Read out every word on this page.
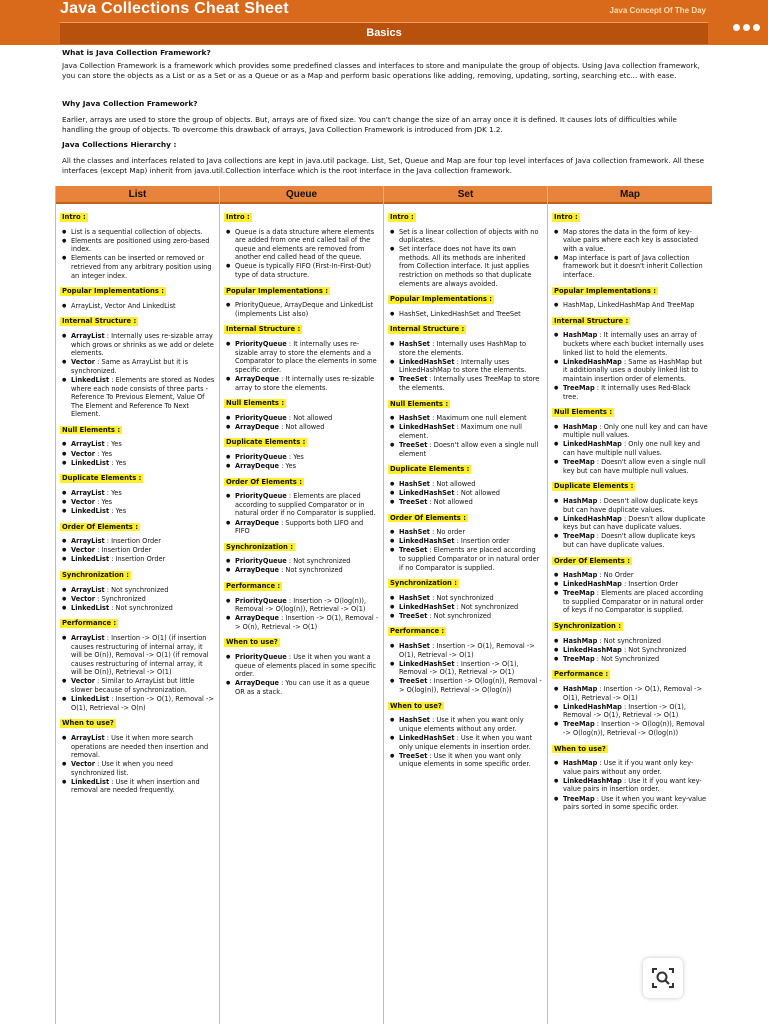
Java Collections Cheat Sheet	Java Concept Of The Day
Basics
What is Java Collection Framework?
Java Collection Framework is a framework which provides some predefined classes and interfaces to store and manipulate the group of objects. Using Java collection framework, you can store the objects as a List or as a Set or as a Queue or as a Map and perform basic operations like adding, removing, updating, sorting, searching etc... with ease.
Why Java Collection Framework?
Earlier, arrays are used to store the group of objects. But, arrays are of fixed size. You can't change the size of an array once it is defined. It causes lots of difficulties while handling the group of objects. To overcome this drawback of arrays, Java Collection Framework is introduced from JDK 1.2.
Java Collections Hierarchy :
All the classes and interfaces related to Java collections are kept in java.util package. List, Set, Queue and Map are four top level interfaces of Java collection framework. All these interfaces (except Map) inherit from java.util.Collection interface which is the root interface in the Java collection framework.
List
Intro :
● List is a sequential collection of objects.
● Elements are positioned using zero-based index.
● Elements can be inserted or removed or retrieved from any arbitrary position using an integer index.
Popular Implementations :
● ArrayList, Vector And LinkedList
Internal Structure :
● ArrayList : Internally uses re-sizable array which grows or shrinks as we add or delete elements.
● Vector : Same as ArrayList but it is synchronized.
● LinkedList : Elements are stored as Nodes where each node consists of three parts - Reference To Previous Element, Value Of The Element and Reference To Next Element.
Null Elements :
● ArrayList : Yes
● Vector : Yes
● LinkedList : Yes
Duplicate Elements :
● ArrayList : Yes
● Vector : Yes
● LinkedList : Yes
Order Of Elements :
● ArrayList : Insertion Order
● Vector : Insertion Order
● LinkedList : Insertion Order
Synchronization :
● ArrayList : Not synchronized
● Vector : Synchronized
● LinkedList : Not synchronized
Performance :
● ArrayList : Insertion -> O(1) (if insertion causes restructuring of internal array, it will be O(n)), Removal -> O(1) (if removal causes restructuring of internal array, it will be O(n)), Retrieval -> O(1)
● Vector : Similar to ArrayList but little slower because of synchronization.
● LinkedList : Insertion -> O(1), Removal -> O(1), Retrieval -> O(n)
When to use?
● ArrayList : Use it when more search operations are needed then insertion and removal.
● Vector : Use it when you need synchronized list.
● LinkedList : Use it when insertion and removal are needed frequently.
Queue
Intro :
● Queue is a data structure where elements are added from one end called tail of the queue and elements are removed from another end called head of the queue.
● Queue is typically FIFO (First-In-First-Out) type of data structure.
Popular Implementations :
● PriorityQueue, ArrayDeque and LinkedList (implements List also)
Internal Structure :
● PriorityQueue : It internally uses re-sizable array to store the elements and a Comparator to place the elements in some specific order.
● ArrayDeque : It internally uses re-sizable array to store the elements.
Null Elements :
● PriorityQueue : Not allowed
● ArrayDeque : Not allowed
Duplicate Elements :
● PriorityQueue : Yes
● ArrayDeque : Yes
Order Of Elements :
● PriorityQueue : Elements are placed according to supplied Comparator or in natural order if no Comparator is supplied.
● ArrayDeque : Supports both LIFO and FIFO
Synchronization :
● PriorityQueue : Not synchronized
● ArrayDeque : Not synchronized
Performance :
● PriorityQueue : Insertion -> O(log(n)), Removal -> O(log(n)), Retrieval -> O(1)
● ArrayDeque : Insertion -> O(1), Removal -> O(n), Retrieval -> O(1)
When to use?
● PriorityQueue : Use it when you want a queue of elements placed in some specific order.
● ArrayDeque : You can use it as a queue OR as a stack.
Set
Intro :
● Set is a linear collection of objects with no duplicates.
● Set interface does not have its own methods. All its methods are inherited from Collection interface. It just applies restriction on methods so that duplicate elements are always avoided.
Popular Implementations :
● HashSet, LinkedHashSet and TreeSet
Internal Structure :
● HashSet : Internally uses HashMap to store the elements.
● LinkedHashSet : Internally uses LinkedHashMap to store the elements.
● TreeSet : Internally uses TreeMap to store the elements.
Null Elements :
● HashSet : Maximum one null element
● LinkedHashSet : Maximum one null element.
● TreeSet : Doesn't allow even a single null element
Duplicate Elements :
● HashSet : Not allowed
● LinkedHashSet : Not allowed
● TreeSet : Not allowed
Order Of Elements :
● HashSet : No order
● LinkedHashSet : Insertion order
● TreeSet : Elements are placed according to supplied Comparator or in natural order if no Comparator is supplied.
Synchronization :
● HashSet : Not synchronized
● LinkedHashSet : Not synchronized
● TreeSet : Not synchronized
Performance :
● HashSet : Insertion -> O(1), Removal -> O(1), Retrieval -> O(1)
● LinkedHashSet : Insertion -> O(1), Removal -> O(1), Retrieval -> O(1)
● TreeSet : Insertion -> O(log(n)), Removal -> O(log(n)), Retrieval -> O(log(n))
When to use?
● HashSet : Use it when you want only unique elements without any order.
● LinkedHashSet : Use it when you want only unique elements in insertion order.
● TreeSet : Use it when you want only unique elements in some specific order.
Map
Intro :
● Map stores the data in the form of key-value pairs where each key is associated with a value.
● Map interface is part of Java collection framework but it doesn't inherit Collection interface.
Popular Implementations :
● HashMap, LinkedHashMap And TreeMap
Internal Structure :
● HashMap : It internally uses an array of buckets where each bucket internally uses linked list to hold the elements.
● LinkedHashMap : Same as HashMap but it additionally uses a doubly linked list to maintain insertion order of elements.
● TreeMap : It internally uses Red-Black tree.
Null Elements :
● HashMap : Only one null key and can have multiple null values.
● LinkedHashMap : Only one null key and can have multiple null values.
● TreeMap : Doesn't allow even a single null key but can have multiple null values.
Duplicate Elements :
● HashMap : Doesn't allow duplicate keys but can have duplicate values.
● LinkedHashMap : Doesn't allow duplicate keys but can have duplicate values.
● TreeMap : Doesn't allow duplicate keys but can have duplicate values.
Order Of Elements :
● HashMap : No Order
● LinkedHashMap : Insertion Order
● TreeMap : Elements are placed according to supplied Comparator or in natural order of keys if no Comparator is supplied.
Synchronization :
● HashMap : Not synchronized
● LinkedHashMap : Not Synchronized
● TreeMap : Not Synchronized
Performance :
● HashMap : Insertion -> O(1), Removal -> O(1), Retrieval -> O(1)
● LinkedHashMap : Insertion -> O(1), Removal -> O(1), Retrieval -> O(1)
● TreeMap : Insertion -> O(log(n)), Removal -> O(log(n)), Retrieval -> O(log(n))
When to use?
● HashMap : Use it if you want only key-value pairs without any order.
● LinkedHashMap : Use it if you want key-value pairs in insertion order.
● TreeMap : Use it when you want key-value pairs sorted in some specific order.
